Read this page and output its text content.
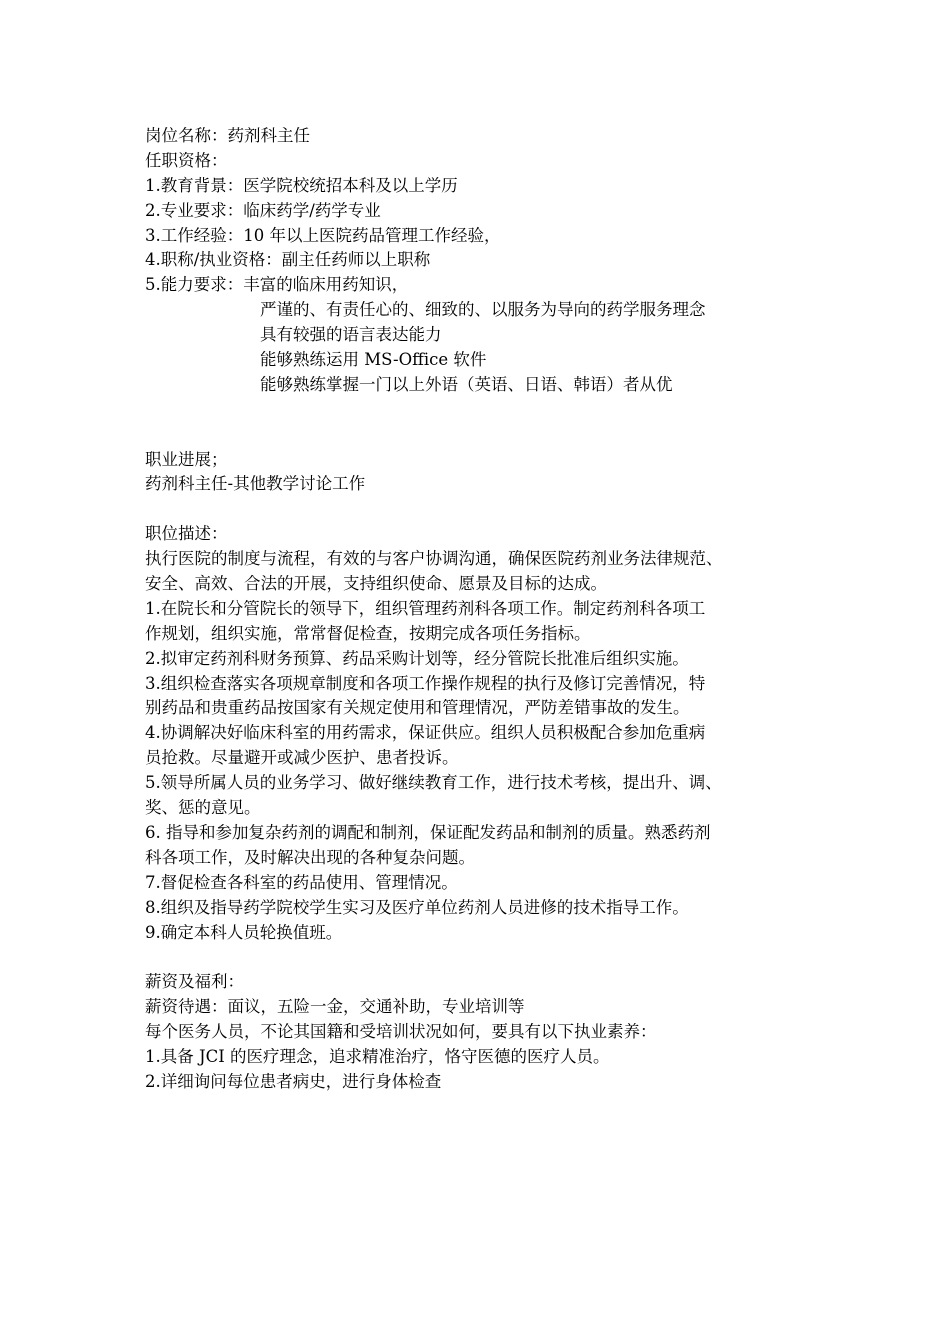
岗位名称：药剂科主任
任职资格：
1.教育背景：医学院校统招本科及以上学历
2.专业要求：临床药学/药学专业
3.工作经验：10 年以上医院药品管理工作经验，
4.职称/执业资格：副主任药师以上职称
5.能力要求：丰富的临床用药知识，
严谨的、有责任心的、细致的、以服务为导向的药学服务理念
具有较强的语言表达能力
能够熟练运用 MS-Office 软件
能够熟练掌握一门以上外语（英语、日语、韩语）者从优
职业进展；
药剂科主任-其他教学讨论工作
职位描述：
执行医院的制度与流程，有效的与客户协调沟通，确保医院药剂业务法律规范、
安全、高效、合法的开展，支持组织使命、愿景及目标的达成。
1.在院长和分管院长的领导下，组织管理药剂科各项工作。制定药剂科各项工
作规划，组织实施，常常督促检查，按期完成各项任务指标。
2.拟审定药剂科财务预算、药品采购计划等，经分管院长批准后组织实施。
3.组织检查落实各项规章制度和各项工作操作规程的执行及修订完善情况，特
别药品和贵重药品按国家有关规定使用和管理情况，严防差错事故的发生。
4.协调解决好临床科室的用药需求，保证供应。组织人员积极配合参加危重病
员抢救。尽量避开或减少医护、患者投诉。
5.领导所属人员的业务学习、做好继续教育工作，进行技术考核，提出升、调、
奖、惩的意见。
6. 指导和参加复杂药剂的调配和制剂，保证配发药品和制剂的质量。熟悉药剂
科各项工作，及时解决出现的各种复杂问题。
7.督促检查各科室的药品使用、管理情况。
8.组织及指导药学院校学生实习及医疗单位药剂人员进修的技术指导工作。
9.确定本科人员轮换值班。
薪资及福利：
薪资待遇：面议，五险一金，交通补助，专业培训等
每个医务人员，不论其国籍和受培训状况如何，要具有以下执业素养：
1.具备 JCI 的医疗理念，追求精准治疗，恪守医德的医疗人员。
2.详细询问每位患者病史，进行身体检查
